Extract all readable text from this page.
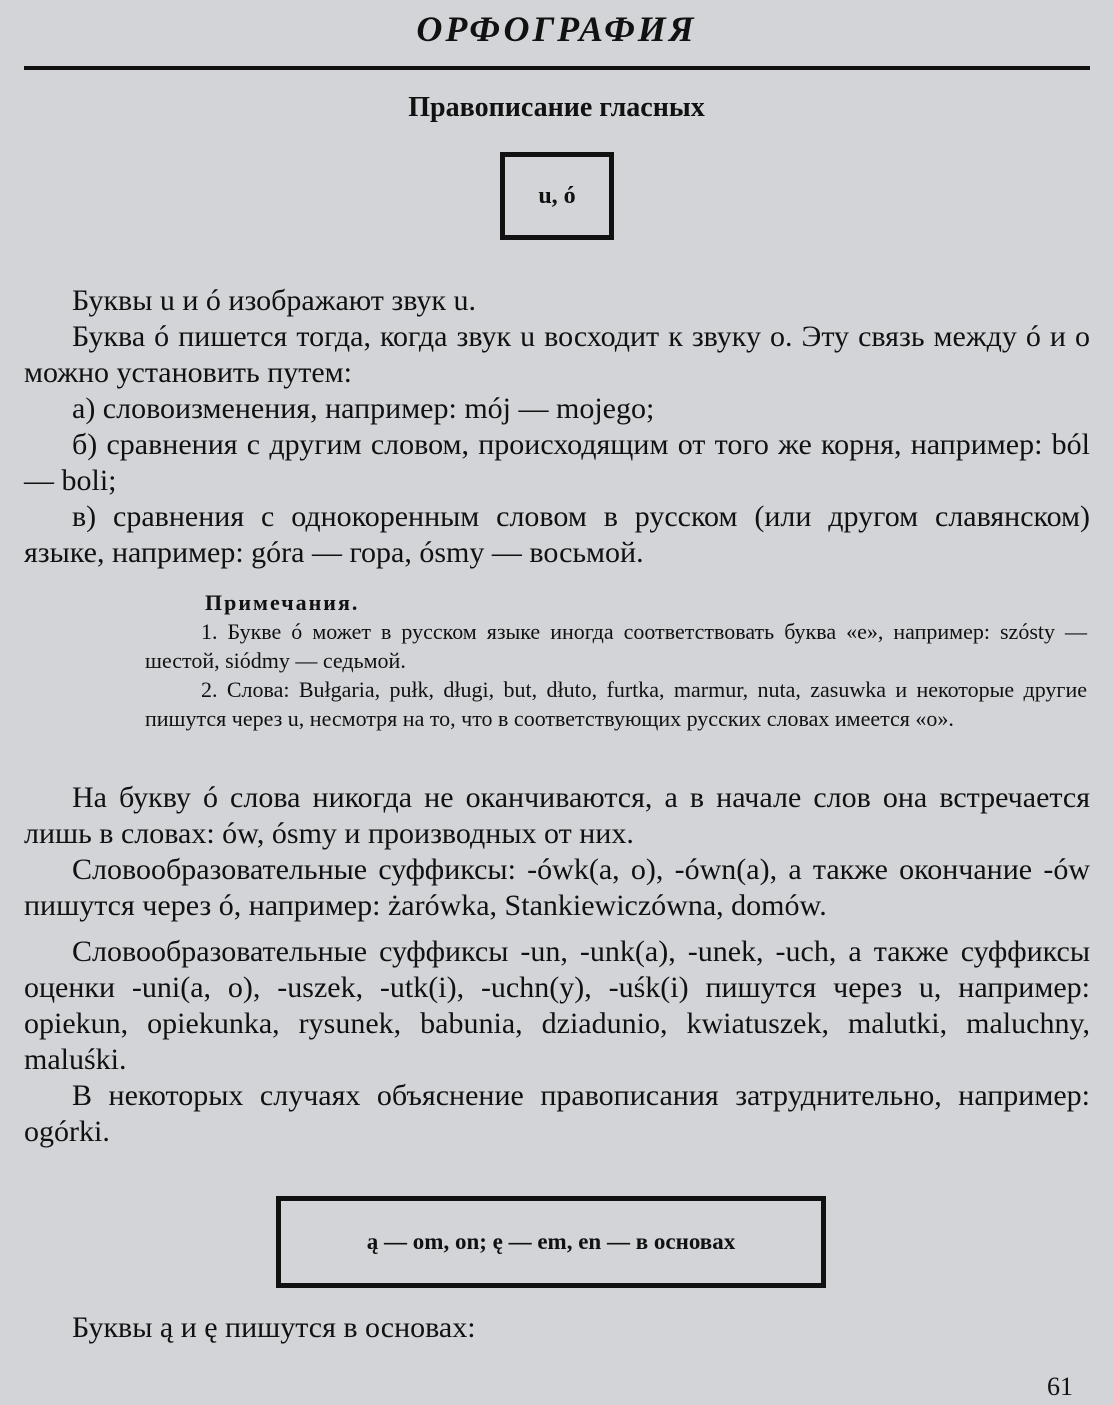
ОРФОГРАФИЯ
Правописание гласных
u, ó

Буквы u и ó изображают звук u.

Буква ó пишется тогда, когда звук u восходит к звуку o. Эту связь между ó и o можно установить путем:

а) словоизменения, например: mój — mojego;

б) сравнения с другим словом, происходящим от того же корня, например: ból — boli;

в) сравнения с однокоренным словом в русском (или другом славянском) языке, например: góra — гора, ósmy — восьмой.

Примечания.

1. Букве ó может в русском языке иногда соответствовать буква «е», например: szósty — шестой, siódmy — седьмой.

2. Слова: Bułgaria, pułk, długi, but, dłuto, furtka, marmur, nuta, zasuwka и некоторые другие пишутся через u, несмотря на то, что в соответствующих русских словах имеется «о».

На букву ó слова никогда не оканчиваются, а в начале слов она встречается лишь в словах: ów, ósmy и производных от них.

Словообразовательные суффиксы: -ówk(a, o), -ówn(a), а также окончание -ów пишутся через ó, например: żarówka, Stankiewiczówna, domów.

Словообразовательные суффиксы -un, -unk(a), -unek, -uch, а также суффиксы оценки -uni(a, o), -uszek, -utk(i), -uchn(y), -uśk(i) пишутся через u, например: opiekun, opiekunka, rysunek, babunia, dziadunio, kwiatuszek, malutki, maluchny, maluśki.

В некоторых случаях объяснение правописания затруднительно, например: ogórki.

ą — om, on; ę — em, en — в основах

Буквы ą и ę пишутся в основах:

61
